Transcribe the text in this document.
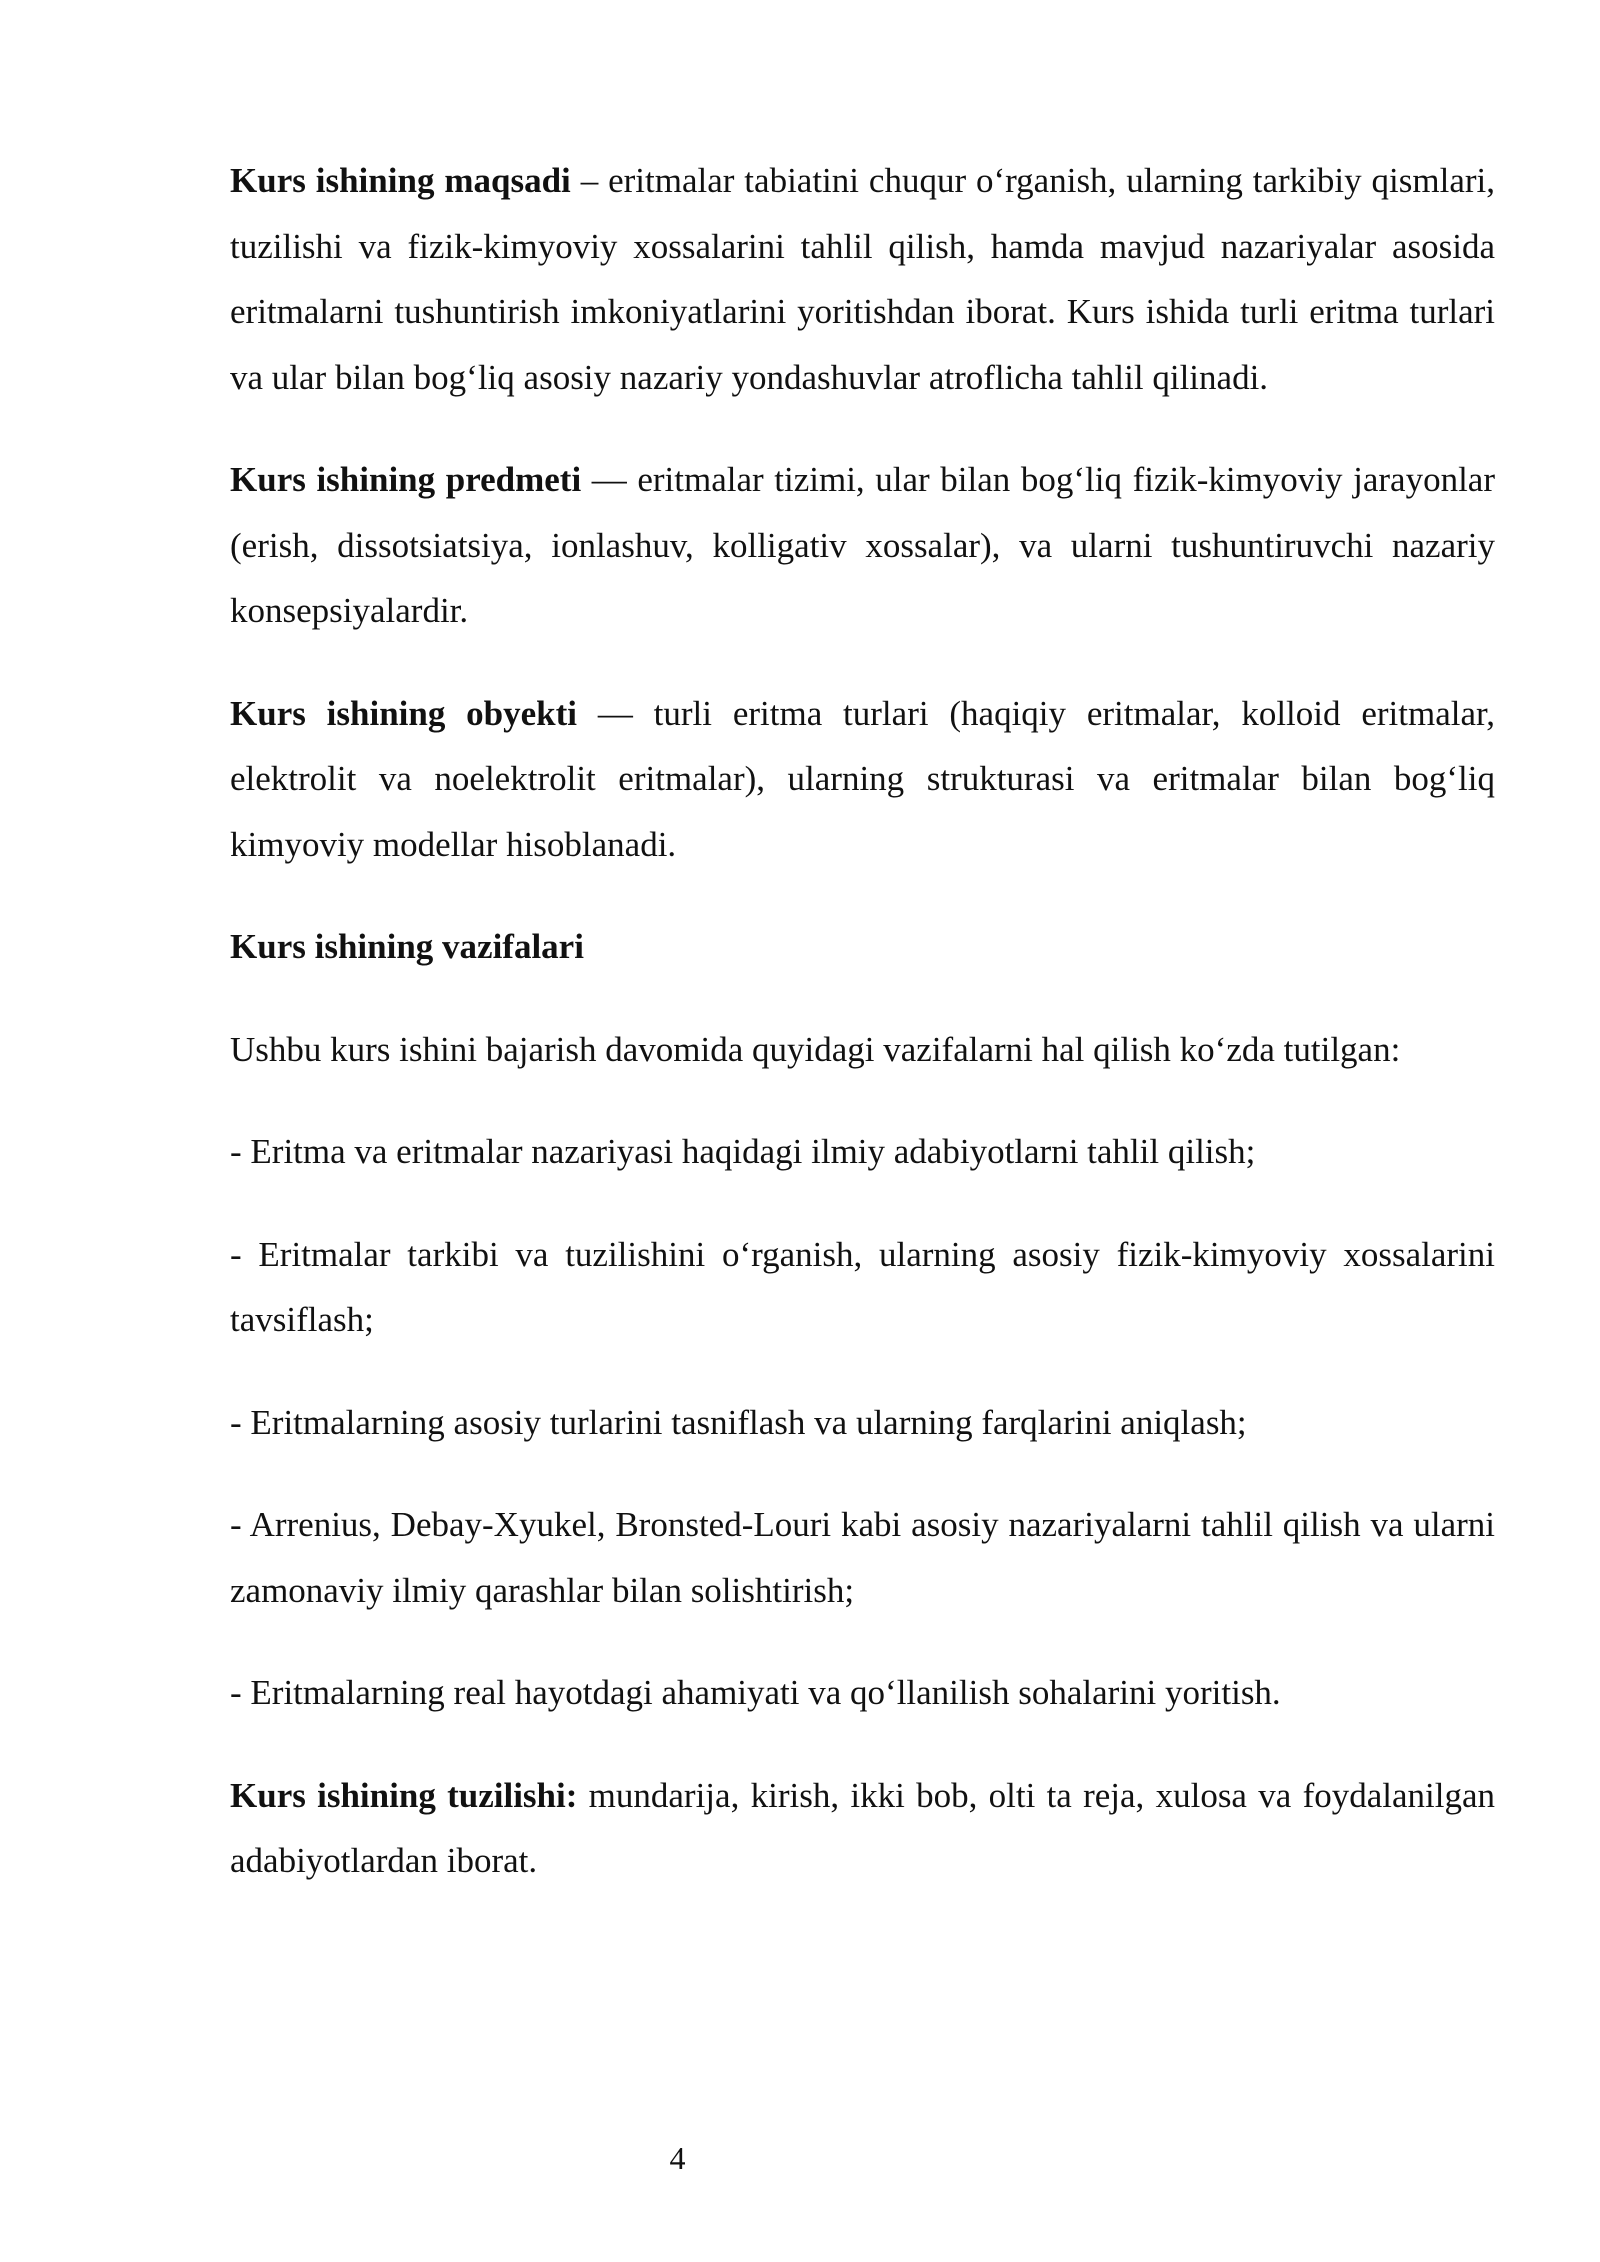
Kurs ishining maqsadi – eritmalar tabiatini chuqur o‘rganish, ularning tarkibiy qismlari, tuzilishi va fizik-kimyoviy xossalarini tahlil qilish, hamda mavjud nazariyalar asosida eritmalarni tushuntirish imkoniyatlarini yoritishdan iborat. Kurs ishida turli eritma turlari va ular bilan bog‘liq asosiy nazariy yondashuvlar atroflicha tahlil qilinadi.

Kurs ishining predmeti — eritmalar tizimi, ular bilan bog‘liq fizik-kimyoviy jarayonlar (erish, dissotsiatsiya, ionlashuv, kolligativ xossalar), va ularni tushuntiruvchi nazariy konsepsiyalardir.

Kurs ishining obyekti — turli eritma turlari (haqiqiy eritmalar, kolloid eritmalar, elektrolit va noelektrolit eritmalar), ularning strukturasi va eritmalar bilan bog‘liq kimyoviy modellar hisoblanadi.

Kurs ishining vazifalari

Ushbu kurs ishini bajarish davomida quyidagi vazifalarni hal qilish ko‘zda tutilgan:

- Eritma va eritmalar nazariyasi haqidagi ilmiy adabiyotlarni tahlil qilish;

- Eritmalar tarkibi va tuzilishini o‘rganish, ularning asosiy fizik-kimyoviy xossalarini tavsiflash;

- Eritmalarning asosiy turlarini tasniflash va ularning farqlarini aniqlash;

- Arrenius, Debay-Xyukel, Bronsted-Louri kabi asosiy nazariyalarni tahlil qilish va ularni zamonaviy ilmiy qarashlar bilan solishtirish;

- Eritmalarning real hayotdagi ahamiyati va qo‘llanilish sohalarini yoritish.

Kurs ishining tuzilishi: mundarija, kirish, ikki bob, olti ta reja, xulosa va foydalanilgan adabiyotlardan iborat.

4
